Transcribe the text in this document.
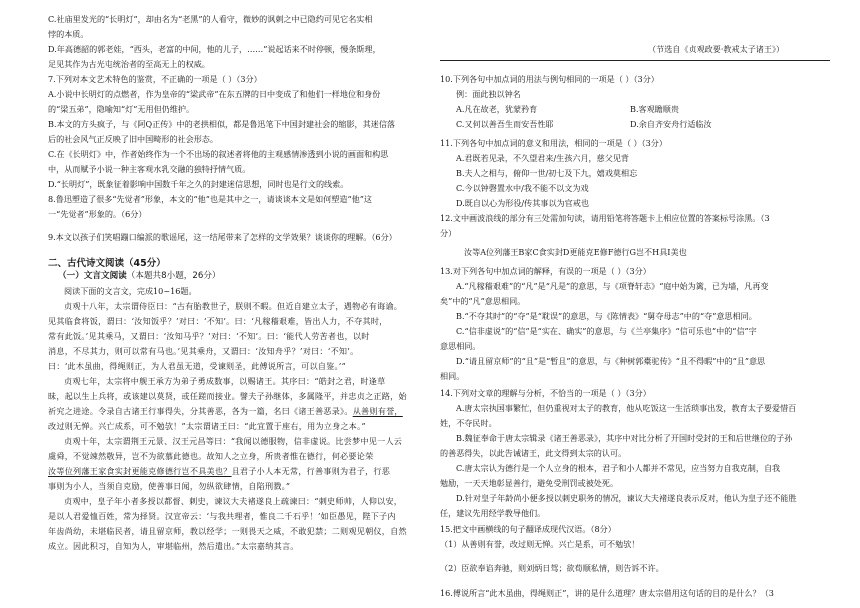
C.社庙里发光的“长明灯”，却由名为“老黑”的人看守，微妙的讽刺之中已隐约可见它名实相
悖的本质。
D.年高德韶的郭老娃，“西头，老富的中间，他的儿子，……”说起话来不时停顿，慢条斯理，
足见其作为古光屯统治者的至高无上的权威。
7.下列对本文艺术特色的鉴赏，不正确的一项是（ ）（3分）
A.小说中长明灯的点燃者，作为皇帝的“梁武帝”在东五牌的日中变成了和他们一样地位和身份
的“梁五弟”，隐喻知“灯”无用但仍维护。
B.本文的方头疯子，与《阿Q正传》中的老拱相似，都是鲁迅笔下中国封建社会的缩影，其迷信落
后的社会风气正反映了旧中国畸形的社会形态。
C.在《长明灯》中，作者始终作为一个不出场的叙述者将他的主观感情渗透到小说的画面和构思
中，从而赋予小说一种主客观水乳交融的独特抒情气质。
D.“长明灯”，既象征着影响中国数千年之久的封建迷信思想，同时也是行文的线索。
8.鲁迅塑造了很多“先觉者”形象，本文的“他”也是其中之一，请谈谈本文是如何塑造“他”这
一“先觉者”形象的。（6分）
9.本文以孩子们笑唱蹦口编派的歌谣尾，这一结尾带来了怎样的文学效果？谈谈你的理解。（6分）
二、古代诗文阅读（45分）
（一）文言文阅读（本题共8小题，26分）
阅读下面的文言文，完成10~16题。
贞观十八年，太宗谓侍臣曰：“古有胎教世子，朕则不暇。但近自建立太子，遇物必有诲谕。
见其临食将饭，谓曰：‘汝知饭乎？’对曰：‘不知’。曰：‘凡稼穑艰难，皆出人力，不夺其时，
常有此饭。’见其乘马，又谓曰：‘汝知马乎？’对曰：‘不知’。曰：‘能代人劳苦者也，以时
消息，不尽其力，则可以常有马也。’见其乘舟，又谓曰：‘汝知舟乎？’对曰：‘不知’。
曰：‘此木虽曲，得绳则正，为人君虽无道，受谏则圣，此傅说所言，可以自鉴。’”
贞观七年，太宗将中舰王承方为弟子勇成数事，以赐诸王。其序曰：“皓封之君，时逢草
昧，起以生上兵将，或该建以莫贤，或任蹉而接业。譬夫子孙继体，多属隆平，并忠贞之正路，始
祈究之进途。令录自古诸王行事得失，分其善恶，各为一篇，名曰《诸王善恶录》。从善则有誉，
改过则无惮。兴亡成系，可不勉欤！”太宗谓诸王曰：“此宜置于座右，用为立身之本。”
贞观十年，太宗谓荆王元景、汉王元昌等曰：“我闻以德服物，信非虚说。比尝梦中见一人云
虞舜，不觉竦然敬异，岂不为欲慕此德也。故知人之立身，所贵者惟在德行，何必要论荣
汝等位列藩王家食实封更能克修德行岂不具美也？且君子小人本无常，行善事则为君子，行恶
事则为小人，当须自克励，使善事日闻，勿纵欲肆情，自陷刑戮。”
贞观中，皇子年小者多授以都督、刺史，谏议大夫褚遂良上疏谏曰：“刺史师帅，人仰以安，
是以人君爱恤百姓，常为择贤。汉宣帝云：‘与我共理者，惟良二千石乎！’如臣愚见，陛下子内
年齿尚幼，未堪临民者，请且留京师，教以经学；一则畏天之威，不敢犯禁；二则观见朝仪，自然
成立。因此积习，自知为人，审堪临州，然后遣出。”太宗嘉纳其言。
（节选自《贞观政要·教戒太子诸王》）
10.下列各句中加点词的用法与例句相同的一项是（ ）（3分）
例：面此独以钟名
A.凡在故老，犹蒙矜育	B.客观瞻顺贵
C.又何以善吾生而安吾性耶	D.余自齐安舟行适临汝
11.下列各句中加点词的意义和用法，相同的一项是（ ）（3分）
A.君既若见录，不久望君来/生孩六月，慈父见背
B.夫人之相与，俯仰一世/初七及下九，嬉戏莫相忘
C.今以钟磬置水中/我不能不以文为戏
D.既自以心为形役/传其事以为官戒也
12.文中画波浪线的部分有三处需加句读，请用铅笔将答题卡上相应位置的答案标号涂黑。（3
分）
汝等A位列藩王B家C食实封D更能克E修F德行G岂不H具I美也
13.对下列各句中加点词的解释，有误的一项是（ ）（3分）
A.“凡稼穑艰难”的“凡”是“凡是”的意思，与《项脊轩志》“庭中始为篱，已为墙，凡再变
矣”中的“凡”意思相同。
B.“不夺其时”的“夺”是“耽误”的意思，与《陈情表》“舅夺母志”中的“夺”意思相同。
C.“信非虚说”的“信”是“实在、确实”的意思，与《兰亭集序》“信可乐也”中的“信”字
意思相同。
D.“请且留京师”的“且”是“暂且”的意思，与《种树郭橐驼传》“且不得暇”中的“且”意思
相同。
14.下列对文章的理解与分析，不恰当的一项是（ ）（3分）
A.唐太宗执国事繁忙，但仍重视对太子的教育，他从吃饭这一生活琐事出发，教育太子要爱惜百
姓，不夺民时。
B.魏征奉命于唐太宗辑录《诸王善恶录》，其序中对比分析了开国时受封的王和后世继位的子孙
的善恶得失，以此告诫诸王，此文得到太宗的认可。
C.唐太宗认为德行是一个人立身的根本，君子和小人都并不常见，应当努力自我克制，自我
勉励，一天天地彰显善行，避免受刑罚或被处死。
D.针对皇子年龄尚小便多授以刺史职务的情况，谏议大夫褚遂良表示反对，他认为皇子还不能胜
任，建议先用经学教导他们。
15.把文中画横线的句子翻译成现代汉语。（8分）
（1）从善则有誉，改过则无惮。兴亡是系，可不勉欤！
（2）臣欲奉谄奔驰，则刘炳日驾；欲荀顺私情，则告诉不许。
16.傅说所言“此木虽曲，得绳则正”，讲的是什么道理？唐太宗借用这句话的目的是什么？（3
